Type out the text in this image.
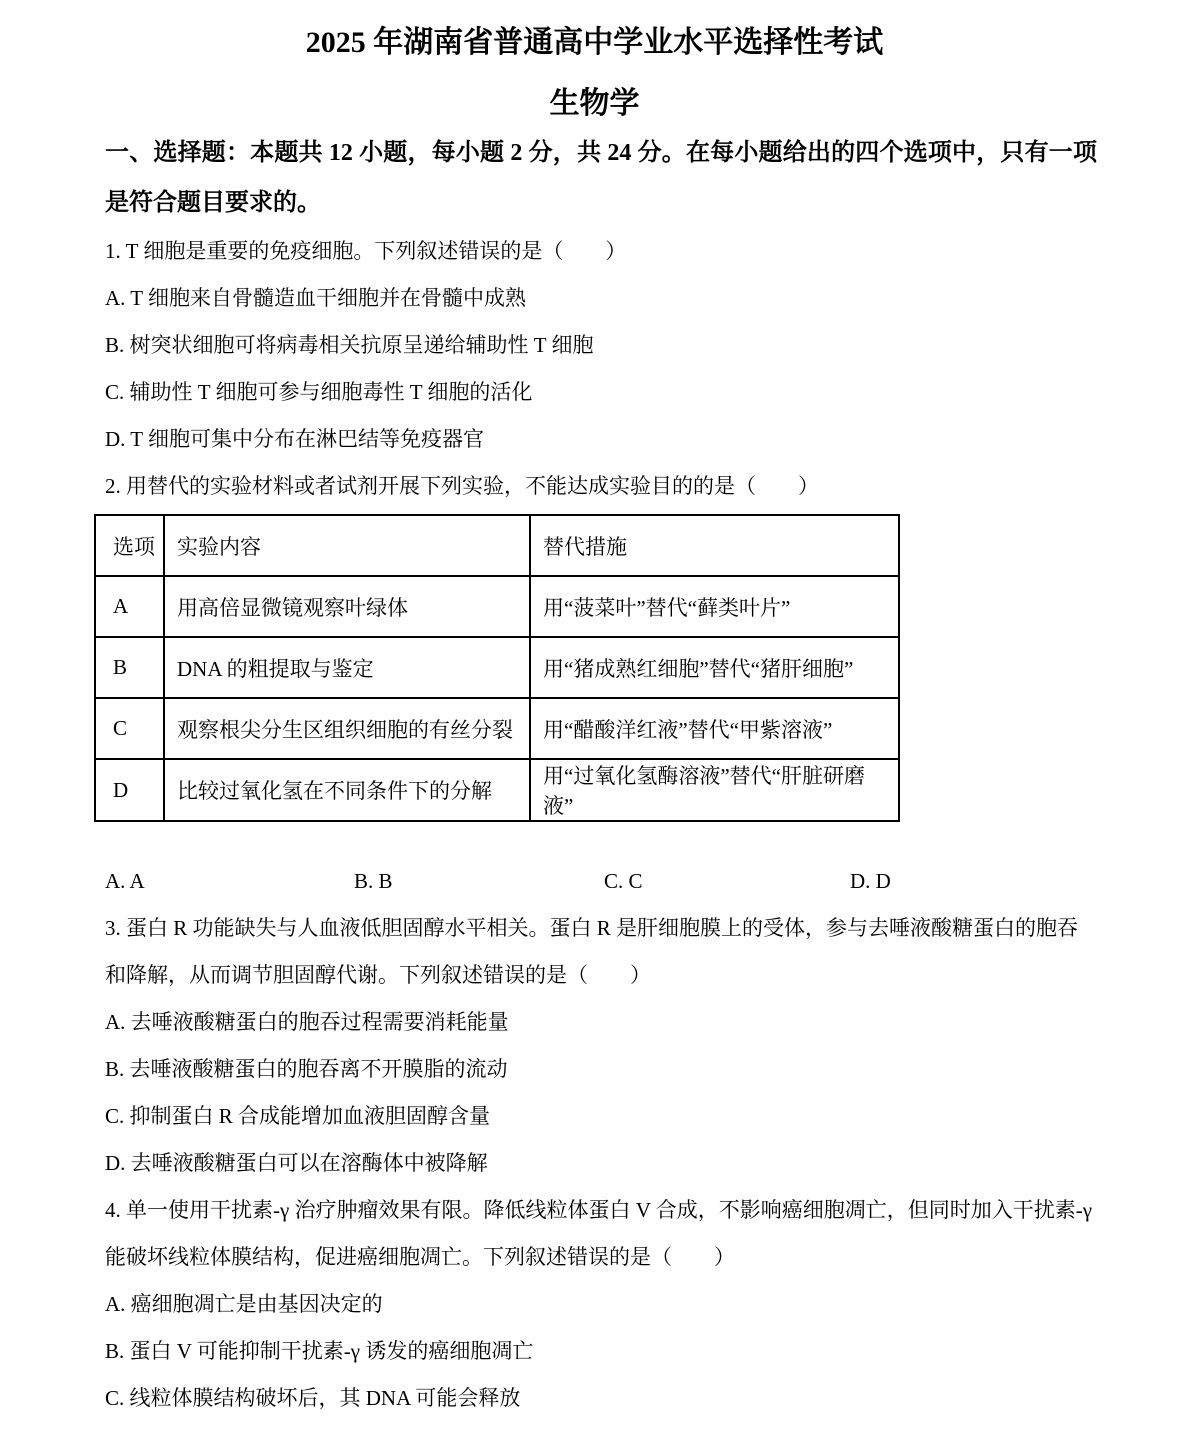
2025 年湖南省普通高中学业水平选择性考试
生物学

一、选择题：本题共 12 小题，每小题 2 分，共 24 分。在每小题给出的四个选项中，只有一项是符合题目要求的。

1. T 细胞是重要的免疫细胞。下列叙述错误的是（　　）

A. T 细胞来自骨髓造血干细胞并在骨髓中成熟

B. 树突状细胞可将病毒相关抗原呈递给辅助性 T 细胞

C. 辅助性 T 细胞可参与细胞毒性 T 细胞的活化

D. T 细胞可集中分布在淋巴结等免疫器官

2. 用替代的实验材料或者试剂开展下列实验，不能达成实验目的的是（　　）

选项	实验内容	替代措施
A	用高倍显微镜观察叶绿体	用“菠菜叶”替代“藓类叶片”
B	DNA 的粗提取与鉴定	用“猪成熟红细胞”替代“猪肝细胞”
C	观察根尖分生区组织细胞的有丝分裂	用“醋酸洋红液”替代“甲紫溶液”
D	比较过氧化氢在不同条件下的分解	用“过氧化氢酶溶液”替代“肝脏研磨液”
A. A	B. B	C. C	D. D

3. 蛋白 R 功能缺失与人血液低胆固醇水平相关。蛋白 R 是肝细胞膜上的受体，参与去唾液酸糖蛋白的胞吞和降解，从而调节胆固醇代谢。下列叙述错误的是（　　）

A. 去唾液酸糖蛋白的胞吞过程需要消耗能量

B. 去唾液酸糖蛋白的胞吞离不开膜脂的流动

C. 抑制蛋白 R 合成能增加血液胆固醇含量

D. 去唾液酸糖蛋白可以在溶酶体中被降解

4. 单一使用干扰素-γ 治疗肿瘤效果有限。降低线粒体蛋白 V 合成，不影响癌细胞凋亡，但同时加入干扰素-γ 能破坏线粒体膜结构，促进癌细胞凋亡。下列叙述错误的是（　　）

A. 癌细胞凋亡是由基因决定的

B. 蛋白 V 可能抑制干扰素-γ 诱发的癌细胞凋亡

C. 线粒体膜结构破坏后，其 DNA 可能会释放
